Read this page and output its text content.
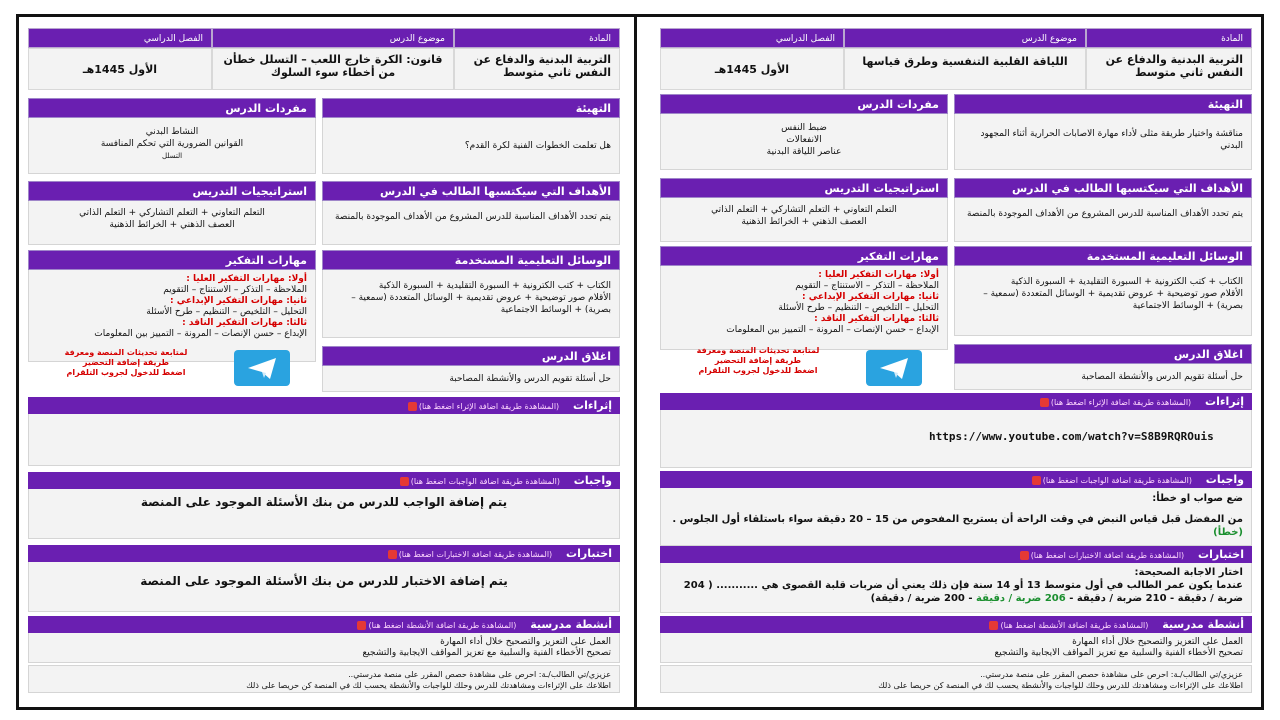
المادة
التربية البدنية والدفاع عن النفس ثاني متوسط
موضوع الدرس
قانون: الكرة خارج اللعب – التسلل خطأن من أخطاء سوء السلوك
الفصل الدراسي
الأول 1445هـ
التهيئة
هل تعلمت الخطوات الفنية لكرة القدم؟
مفردات الدرس
النشاط البدني
القوانين الضرورية التي تحكم المنافسة
التسلل
الأهداف التي سيكتسبها الطالب في الدرس
يتم تحدد الأهداف المناسبة للدرس المشروع من الأهداف الموجودة بالمنصة
استراتيجيات التدريس
التعلم التعاوني + التعلم التشاركي + التعلم الذاتي
العصف الذهني + الخرائط الذهنية
الوسائل التعليمية المستخدمة
الكتاب + كتب الكترونية + السبورة التقليدية + السبورة الذكية
الأقلام صور توضيحية + عروض تقديمية + الوسائل المتعددة (سمعية – بصرية) + الوسائط الاجتماعية
مهارات التفكير
أولا: مهارات التفكير العليا :
الملاحظة – التذكر – الاستنتاج – التقويم
ثانيا: مهارات التفكير الإبداعي :
التحليل – التلخيص – التنظيم – طرح الأسئلة
ثالثا: مهارات التفكير الناقد :
الإبداع – حسن الإنصات – المرونة – التمييز بين المعلومات
اغلاق الدرس
حل أسئلة تقويم الدرس والأنشطة المصاحبة
لمتابعة تحديثات المنصة ومعرفة
طريقة إضافة التحضير
اضغط للدخول لجروب التلقرام
إثراءات (المشاهدة طريقة اضافة الإثراء اضغط هنا)
واجبات (المشاهدة طريقة اضافة الواجبات اضغط هنا)
يتم إضافة الواجب للدرس من بنك الأسئلة الموجود على المنصة
اختبارات (المشاهدة طريقة اضافة الاختبارات اضغط هنا)
يتم إضافة الاختبار للدرس من بنك الأسئلة الموجود على المنصة
أنشطة مدرسية (المشاهدة طريقة اضافة الأنشطة اضغط هنا)
العمل على التعزيز والتصحيح خلال أداء المهارة
تصحيح الأخطاء الفنية والسلبية مع تعزيز المواقف الايجابية والتشجيع
عزيزي/تي الطالب/ـة: احرص على مشاهدة حصص المقرر على منصة مدرستي..
اطلاعك على الإثراءات ومشاهدتك للدرس وحلك للواجبات والأنشطة يحسب لك في المنصة كن حريصا على ذلك
المادة
التربية البدنية والدفاع عن النفس ثاني متوسط
موضوع الدرس
اللياقة القلبية التنفسية وطرق قياسها
الفصل الدراسي
الأول 1445هـ
التهيئة
مناقشة واختيار طريقة مثلى لأداء مهارة الاصابات الحرارية أثناء المجهود البدني
مفردات الدرس
ضبط النفس
الانفعالات
عناصر اللياقة البدنية
الأهداف التي سيكتسبها الطالب في الدرس
يتم تحدد الأهداف المناسبة للدرس المشروع من الأهداف الموجودة بالمنصة
استراتيجيات التدريس
التعلم التعاوني + التعلم التشاركي + التعلم الذاتي
العصف الذهني + الخرائط الذهنية
الوسائل التعليمية المستخدمة
الكتاب + كتب الكترونية + السبورة التقليدية + السبورة الذكية
الأقلام صور توضيحية + عروض تقديمية + الوسائل المتعددة (سمعية – بصرية) + الوسائط الاجتماعية
مهارات التفكير
أولا: مهارات التفكير العليا :
الملاحظة – التذكر – الاستنتاج – التقويم
ثانيا: مهارات التفكير الإبداعي :
التحليل – التلخيص – التنظيم – طرح الأسئلة
ثالثا: مهارات التفكير الناقد :
الإبداع – حسن الإنصات – المرونة – التمييز بين المعلومات
اغلاق الدرس
حل أسئلة تقويم الدرس والأنشطة المصاحبة
لمتابعة تحديثات المنصة ومعرفة
طريقة إضافة التحضير
اضغط للدخول لجروب التلقرام
إثراءات (المشاهدة طريقة اضافة الإثراء اضغط هنا)
https://www.youtube.com/watch?v=S8B9RQROuis
واجبات (المشاهدة طريقة اضافة الواجبات اضغط هنا)
ضع صواب او خطأ:
من المفضل قبل قياس النبض في وقت الراحة أن يستريح المفحوص من 15 – 20 دقيقة سواء باستلقاء أول الجلوس .(خطأ)
اختبارات (المشاهدة طريقة اضافة الاختبارات اضغط هنا)
اختار الاجابة الصحيحة:
عندما يكون عمر الطالب في أول متوسط 13 أو 14 سنة فإن ذلك يعني أن ضربات قلبة القصوى هي ........... ( 204 ضربة / دقيقة - 210 ضربة / دقيقة - 206 ضربة / دقيقة - 200 ضربة / دقيقة)
أنشطة مدرسية (المشاهدة طريقة اضافة الأنشطة اضغط هنا)
العمل على التعزيز والتصحيح خلال أداء المهارة
تصحيح الأخطاء الفنية والسلبية مع تعزيز المواقف الايجابية والتشجيع
عزيزي/تي الطالب/ـة: احرص على مشاهدة حصص المقرر على منصة مدرستي..
اطلاعك على الإثراءات ومشاهدتك للدرس وحلك للواجبات والأنشطة يحسب لك في المنصة كن حريصا على ذلك
